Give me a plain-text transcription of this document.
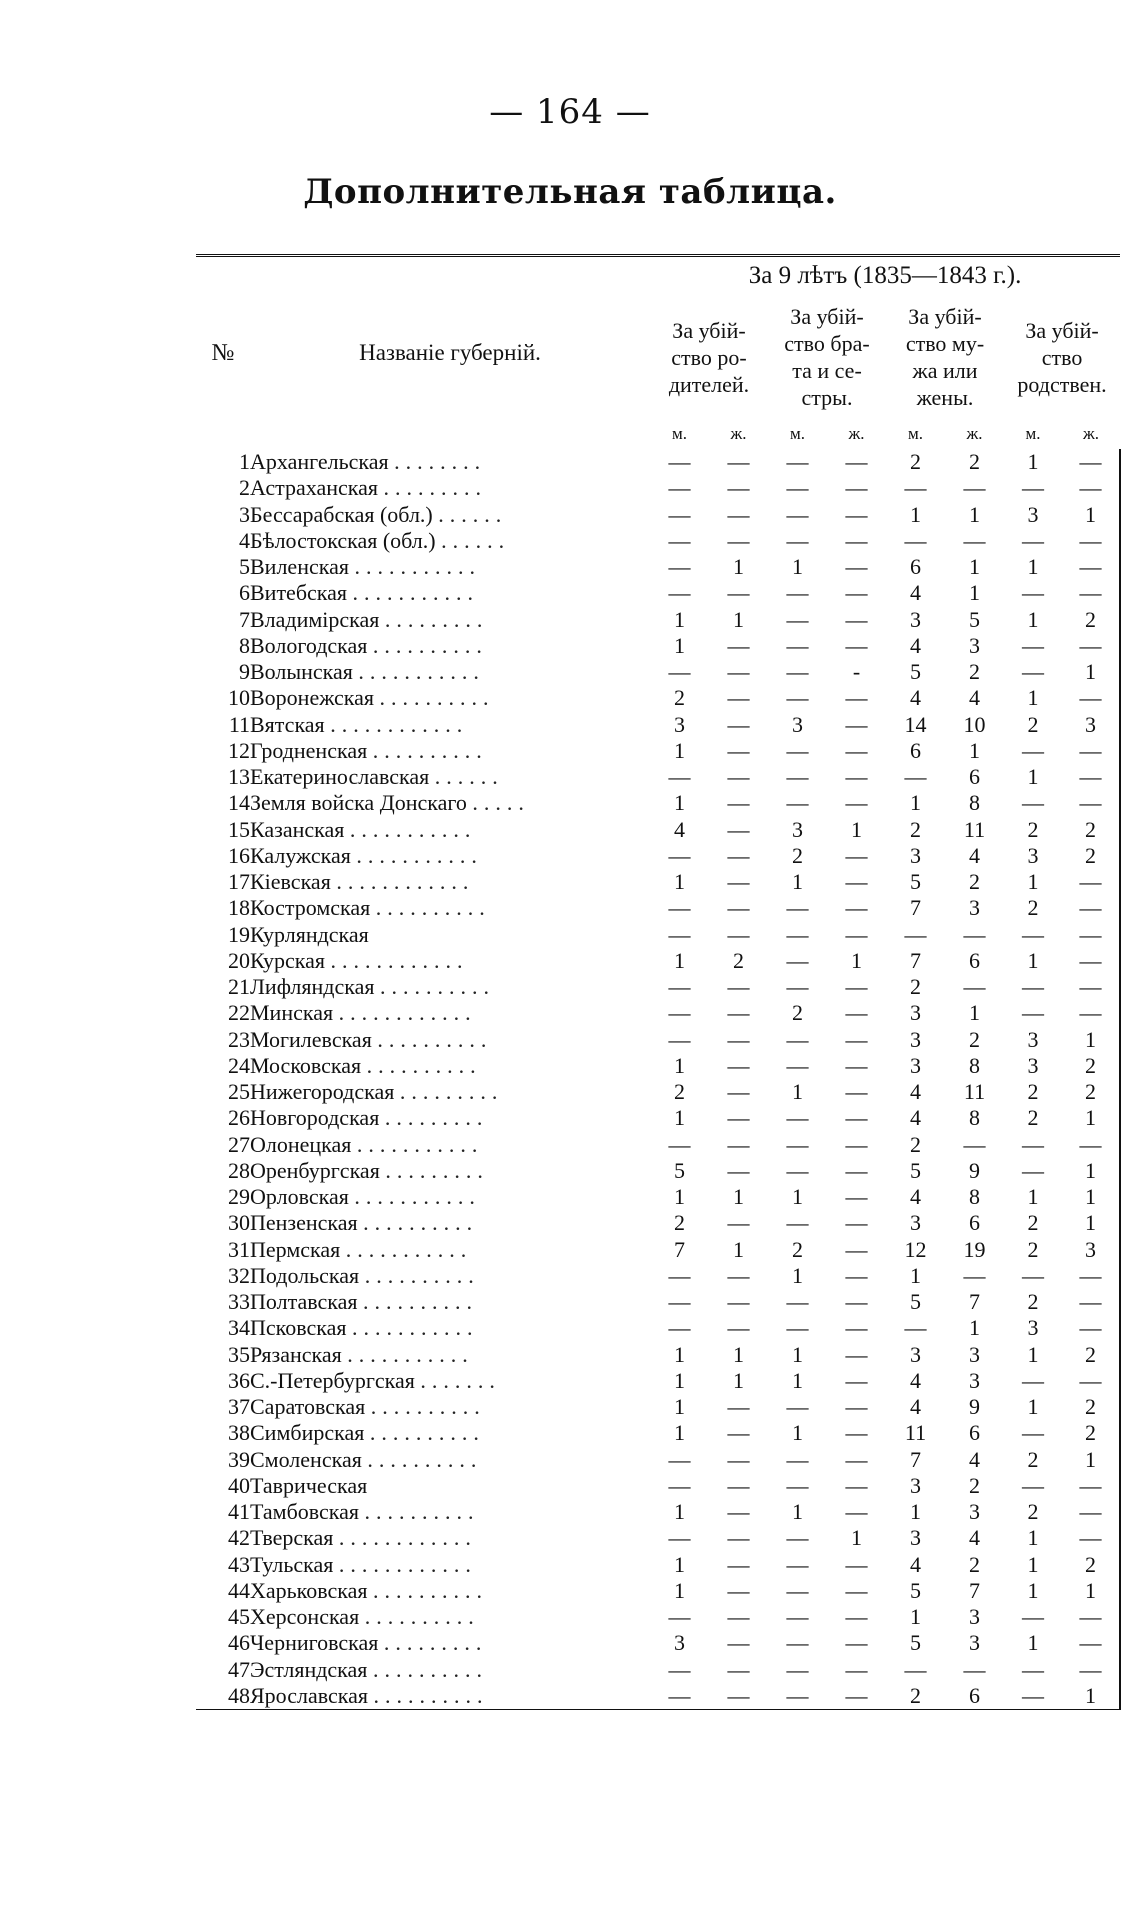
— 164 —
Дополнительная таблица.
№	Названіе губерній.	За 9 лѣтъ (1835—1843 г.).							
		За убій-
ство ро-
дителей.		За убій-
ство бра-
та и се-
стры.		За убій-
ство му-
жа или
жены.		За убій-
ство
родствен.	
		м.	ж.	м.	ж.	м.	ж.	м.	ж.
1	Архангельская ........	—	—	—	—	2	2	1	—
2	Астраханская .........	—	—	—	—	—	—	—	—
3	Бессарабская (обл.) ......	—	—	—	—	1	1	3	1
4	Бѣлостокская (обл.) ......	—	—	—	—	—	—	—	—
5	Виленская ...........	—	1	1	—	6	1	1	—
6	Витебская ...........	—	—	—	—	4	1	—	—
7	Владимірская .........	1	1	—	—	3	5	1	2
8	Вологодская ..........	1	—	—	—	4	3	—	—
9	Волынская ...........	—	—	—	-	5	2	—	1
10	Воронежская ..........	2	—	—	—	4	4	1	—
11	Вятская ............	3	—	3	—	14	10	2	3
12	Гродненская ..........	1	—	—	—	6	1	—	—
13	Екатеринославская ......	—	—	—	—	—	6	1	—
14	Земля войска Донскаго .....	1	—	—	—	1	8	—	—
15	Казанская ...........	4	—	3	1	2	11	2	2
16	Калужская ...........	—	—	2	—	3	4	3	2
17	Кіевская ............	1	—	1	—	5	2	1	—
18	Костромская ..........	—	—	—	—	7	3	2	—
19	Курляндская	—	—	—	—	—	—	—	—
20	Курская ............	1	2	—	1	7	6	1	—
21	Лифляндская ..........	—	—	—	—	2	—	—	—
22	Минская ............	—	—	2	—	3	1	—	—
23	Могилевская ..........	—	—	—	—	3	2	3	1
24	Московская ..........	1	—	—	—	3	8	3	2
25	Нижегородская .........	2	—	1	—	4	11	2	2
26	Новгородская .........	1	—	—	—	4	8	2	1
27	Олонецкая ...........	—	—	—	—	2	—	—	—
28	Оренбургская .........	5	—	—	—	5	9	—	1
29	Орловская ...........	1	1	1	—	4	8	1	1
30	Пензенская ..........	2	—	—	—	3	6	2	1
31	Пермская ...........	7	1	2	—	12	19	2	3
32	Подольская ..........	—	—	1	—	1	—	—	—
33	Полтавская ..........	—	—	—	—	5	7	2	—
34	Псковская ...........	—	—	—	—	—	1	3	—
35	Рязанская ...........	1	1	1	—	3	3	1	2
36	С.-Петербургская .......	1	1	1	—	4	3	—	—
37	Саратовская ..........	1	—	—	—	4	9	1	2
38	Симбирская ..........	1	—	1	—	11	6	—	2
39	Смоленская ..........	—	—	—	—	7	4	2	1
40	Таврическая	—	—	—	—	3	2	—	—
41	Тамбовская ..........	1	—	1	—	1	3	2	—
42	Тверская ............	—	—	—	1	3	4	1	—
43	Тульская ............	1	—	—	—	4	2	1	2
44	Харьковская ..........	1	—	—	—	5	7	1	1
45	Херсонская ..........	—	—	—	—	1	3	—	—
46	Черниговская .........	3	—	—	—	5	3	1	—
47	Эстляндская ..........	—	—	—	—	—	—	—	—
48	Ярославская ..........	—	—	—	—	2	6	—	1
